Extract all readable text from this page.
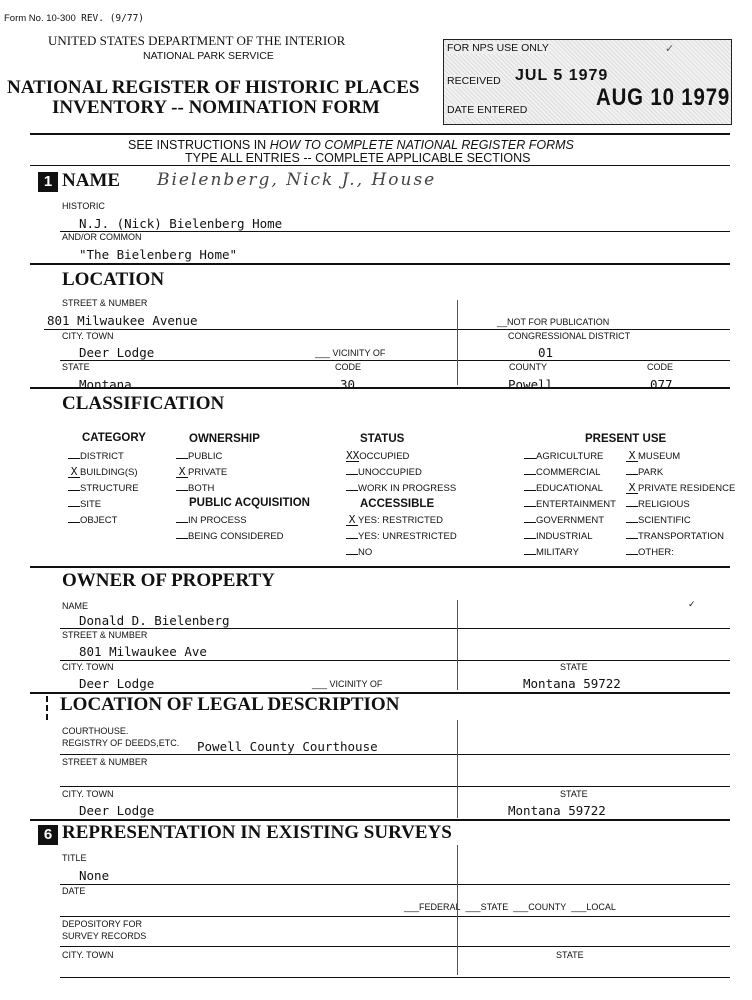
Form No. 10-300 REV. (9/77)
UNITED STATES DEPARTMENT OF THE INTERIOR
NATIONAL PARK SERVICE
NATIONAL REGISTER OF HISTORIC PLACES
INVENTORY -- NOMINATION FORM
FOR NPS USE ONLY	✓
RECEIVED JUL 5 1979
DATE ENTERED	AUG 10 1979
SEE INSTRUCTIONS IN HOW TO COMPLETE NATIONAL REGISTER FORMS
TYPE ALL ENTRIES -- COMPLETE APPLICABLE SECTIONS
1 NAME Bielenberg, Nick J., House
HISTORIC
N.J. (Nick) Bielenberg Home
AND/OR COMMON
"The Bielenberg Home"
LOCATION
STREET & NUMBER
801 Milwaukee Avenue	__NOT FOR PUBLICATION
CITY. TOWN	CONGRESSIONAL DISTRICT
Deer Lodge	___ VICINITY OF	01
STATE	CODE	COUNTY	CODE
Montana	30	Powell	077
CLASSIFICATION
CATEGORY
DISTRICT
X BUILDING(S)
STRUCTURE
SITE
OBJECT
OWNERSHIP
PUBLIC
X PRIVATE
BOTH
PUBLIC ACQUISITION
IN PROCESS
BEING CONSIDERED
STATUS
XXOCCUPIED
UNOCCUPIED
WORK IN PROGRESS
ACCESSIBLE
X YES: RESTRICTED
YES: UNRESTRICTED
NO
PRESENT USE
AGRICULTURE
COMMERCIAL
EDUCATIONAL
ENTERTAINMENT
GOVERNMENT
INDUSTRIAL
MILITARY
X MUSEUM
PARK
X PRIVATE RESIDENCE
RELIGIOUS
SCIENTIFIC
TRANSPORTATION
OTHER:
OWNER OF PROPERTY
NAME
Donald D. Bielenberg
✓
STREET & NUMBER
801 Milwaukee Ave
CITY. TOWN	STATE
Deer Lodge	___ VICINITY OF	Montana 59722
LOCATION OF LEGAL DESCRIPTION
COURTHOUSE.
REGISTRY OF DEEDS,ETC. Powell County Courthouse
STREET & NUMBER
CITY. TOWN	STATE
Deer Lodge	Montana 59722
6 REPRESENTATION IN EXISTING SURVEYS
TITLE
None
DATE
___FEDERAL  ___STATE  ___COUNTY  ___LOCAL
DEPOSITORY FOR
SURVEY RECORDS
CITY. TOWN	STATE
